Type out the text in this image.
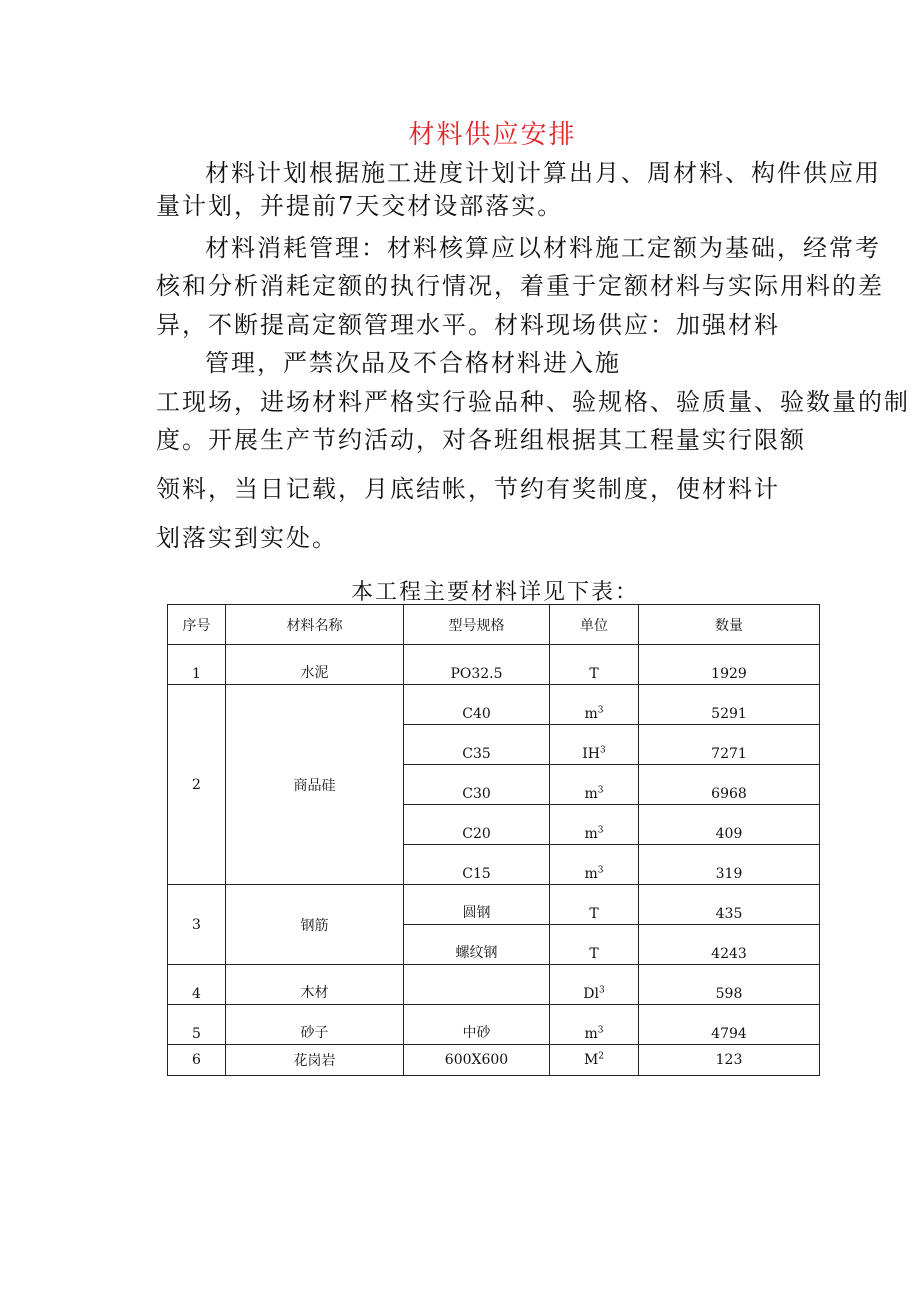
材料供应安排
材料计划根据施工进度计划计算出月、周材料、构件供应用
量计划，并提前7天交材设部落实。
材料消耗管理：材料核算应以材料施工定额为基础，经常考
核和分析消耗定额的执行情况，着重于定额材料与实际用料的差
异，不断提高定额管理水平。材料现场供应：加强材料
管理，严禁次品及不合格材料进入施
工现场，进场材料严格实行验品种、验规格、验质量、验数量的制
度。开展生产节约活动，对各班组根据其工程量实行限额
领料，当日记载，月底结帐，节约有奖制度，使材料计
划落实到实处。
本工程主要材料详见下表：
序号	材料名称	型号规格	单位	数量

1	水泥	PO32.5	T	1929

2	商品硅	C40	$m^3$	5291

		C35	$IH^3$	7271

		C30	$m^3$	6968

		C20	$m^3$	409

		C15	$m^3$	319

3	钢筋	圆钢	T	435

		螺纹钢	T	4243

4	木材		Dl$^3$	598

5	砂子	中砂	$m^3$	4794

6	花岗岩	600X600	$M^2$	123
